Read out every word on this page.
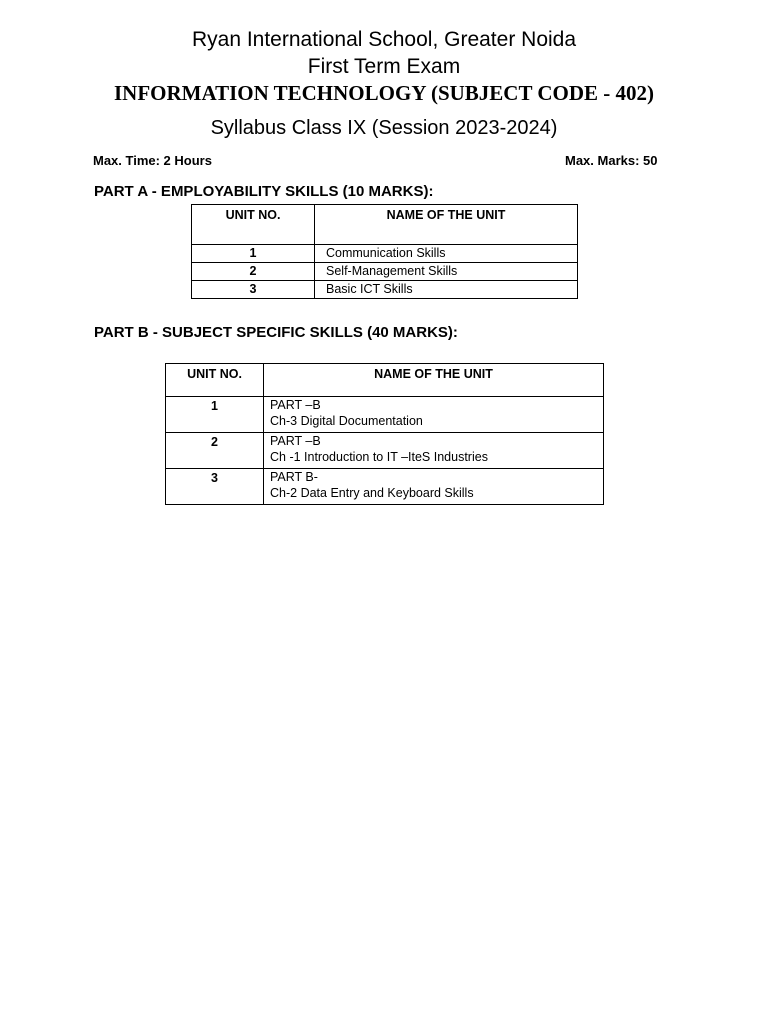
Ryan International School, Greater Noida
First Term Exam
INFORMATION TECHNOLOGY (SUBJECT CODE - 402)
Syllabus Class IX (Session 2023-2024)
Max. Time: 2 Hours	Max. Marks: 50
PART A - EMPLOYABILITY SKILLS (10 MARKS):
UNIT NO.	NAME OF THE UNIT
1	Communication Skills
2	Self-Management Skills
3	Basic ICT Skills
PART B - SUBJECT SPECIFIC SKILLS (40 MARKS):
UNIT NO.	NAME OF THE UNIT
1	PART –B
Ch-3 Digital Documentation

2	PART –B
Ch -1 Introduction to IT –ItеS Industries

3	PART B-
Ch-2 Data Entry and Keyboard Skills
